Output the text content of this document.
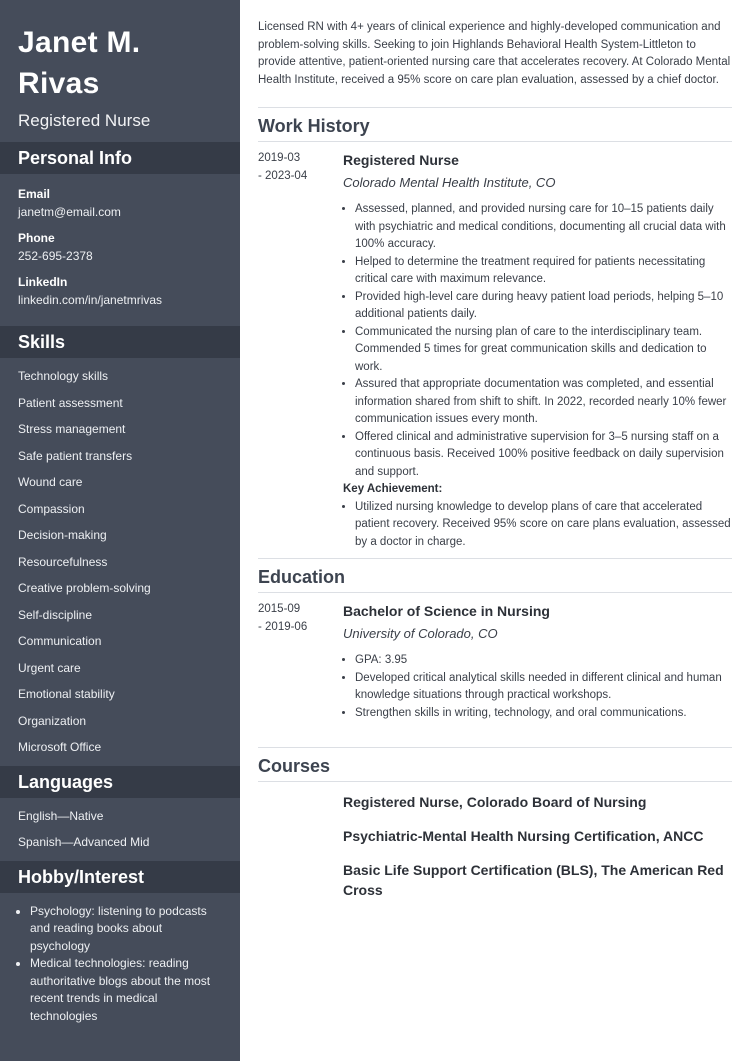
Janet M.
Rivas
Registered Nurse
Personal Info
Email
janetm@email.com
Phone
252-695-2378
LinkedIn
linkedin.com/in/janetmrivas
Skills
Technology skills
Patient assessment
Stress management
Safe patient transfers
Wound care
Compassion
Decision-making
Resourcefulness
Creative problem-solving
Self-discipline
Communication
Urgent care
Emotional stability
Organization
Microsoft Office
Languages
English—Native
Spanish—Advanced Mid
Hobby/Interest
• Psychology: listening to podcasts and reading books about psychology
• Medical technologies: reading authoritative blogs about the most recent trends in medical technologies
Licensed RN with 4+ years of clinical experience and highly-developed communication and problem-solving skills. Seeking to join Highlands Behavioral Health System-Littleton to provide attentive, patient-oriented nursing care that accelerates recovery. At Colorado Mental Health Institute, received a 95% score on care plan evaluation, assessed by a chief doctor.
Work History
2019-03
- 2023-04
Registered Nurse
Colorado Mental Health Institute, CO
• Assessed, planned, and provided nursing care for 10–15 patients daily with psychiatric and medical conditions, documenting all crucial data with 100% accuracy.
• Helped to determine the treatment required for patients necessitating critical care with maximum relevance.
• Provided high-level care during heavy patient load periods, helping 5–10 additional patients daily.
• Communicated the nursing plan of care to the interdisciplinary team. Commended 5 times for great communication skills and dedication to work.
• Assured that appropriate documentation was completed, and essential information shared from shift to shift. In 2022, recorded nearly 10% fewer communication issues every month.
• Offered clinical and administrative supervision for 3–5 nursing staff on a continuous basis. Received 100% positive feedback on daily supervision and support.
Key Achievement:
• Utilized nursing knowledge to develop plans of care that accelerated patient recovery. Received 95% score on care plans evaluation, assessed by a doctor in charge.
Education
2015-09
- 2019-06
Bachelor of Science in Nursing
University of Colorado, CO
• GPA: 3.95
• Developed critical analytical skills needed in different clinical and human knowledge situations through practical workshops.
• Strengthen skills in writing, technology, and oral communications.
Courses
Registered Nurse, Colorado Board of Nursing
Psychiatric-Mental Health Nursing Certification, ANCC
Basic Life Support Certification (BLS), The American Red Cross
